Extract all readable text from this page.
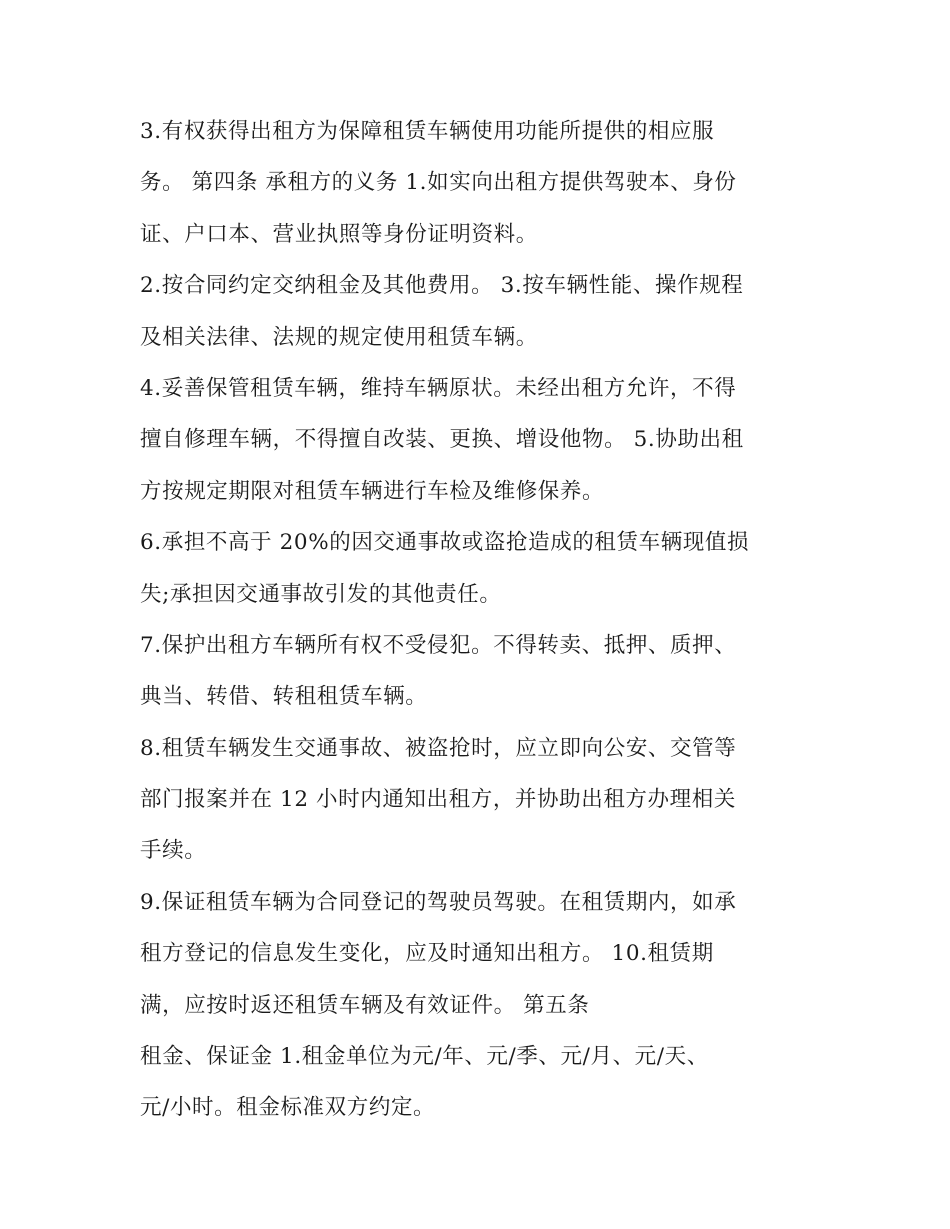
3.有权获得出租方为保障租赁车辆使用功能所提供的相应服
务。 第四条 承租方的义务 1.如实向出租方提供驾驶本、身份
证、户口本、营业执照等身份证明资料。
2.按合同约定交纳租金及其他费用。 3.按车辆性能、操作规程
及相关法律、法规的规定使用租赁车辆。
4.妥善保管租赁车辆，维持车辆原状。未经出租方允许，不得
擅自修理车辆，不得擅自改装、更换、增设他物。 5.协助出租
方按规定期限对租赁车辆进行车检及维修保养。
6.承担不高于 20%的因交通事故或盗抢造成的租赁车辆现值损
失;承担因交通事故引发的其他责任。
7.保护出租方车辆所有权不受侵犯。不得转卖、抵押、质押、
典当、转借、转租租赁车辆。
8.租赁车辆发生交通事故、被盗抢时，应立即向公安、交管等
部门报案并在 12 小时内通知出租方，并协助出租方办理相关
手续。
9.保证租赁车辆为合同登记的驾驶员驾驶。在租赁期内，如承
租方登记的信息发生变化，应及时通知出租方。 10.租赁期
满，应按时返还租赁车辆及有效证件。 第五条
租金、保证金 1.租金单位为元/年、元/季、元/月、元/天、
元/小时。租金标准双方约定。
